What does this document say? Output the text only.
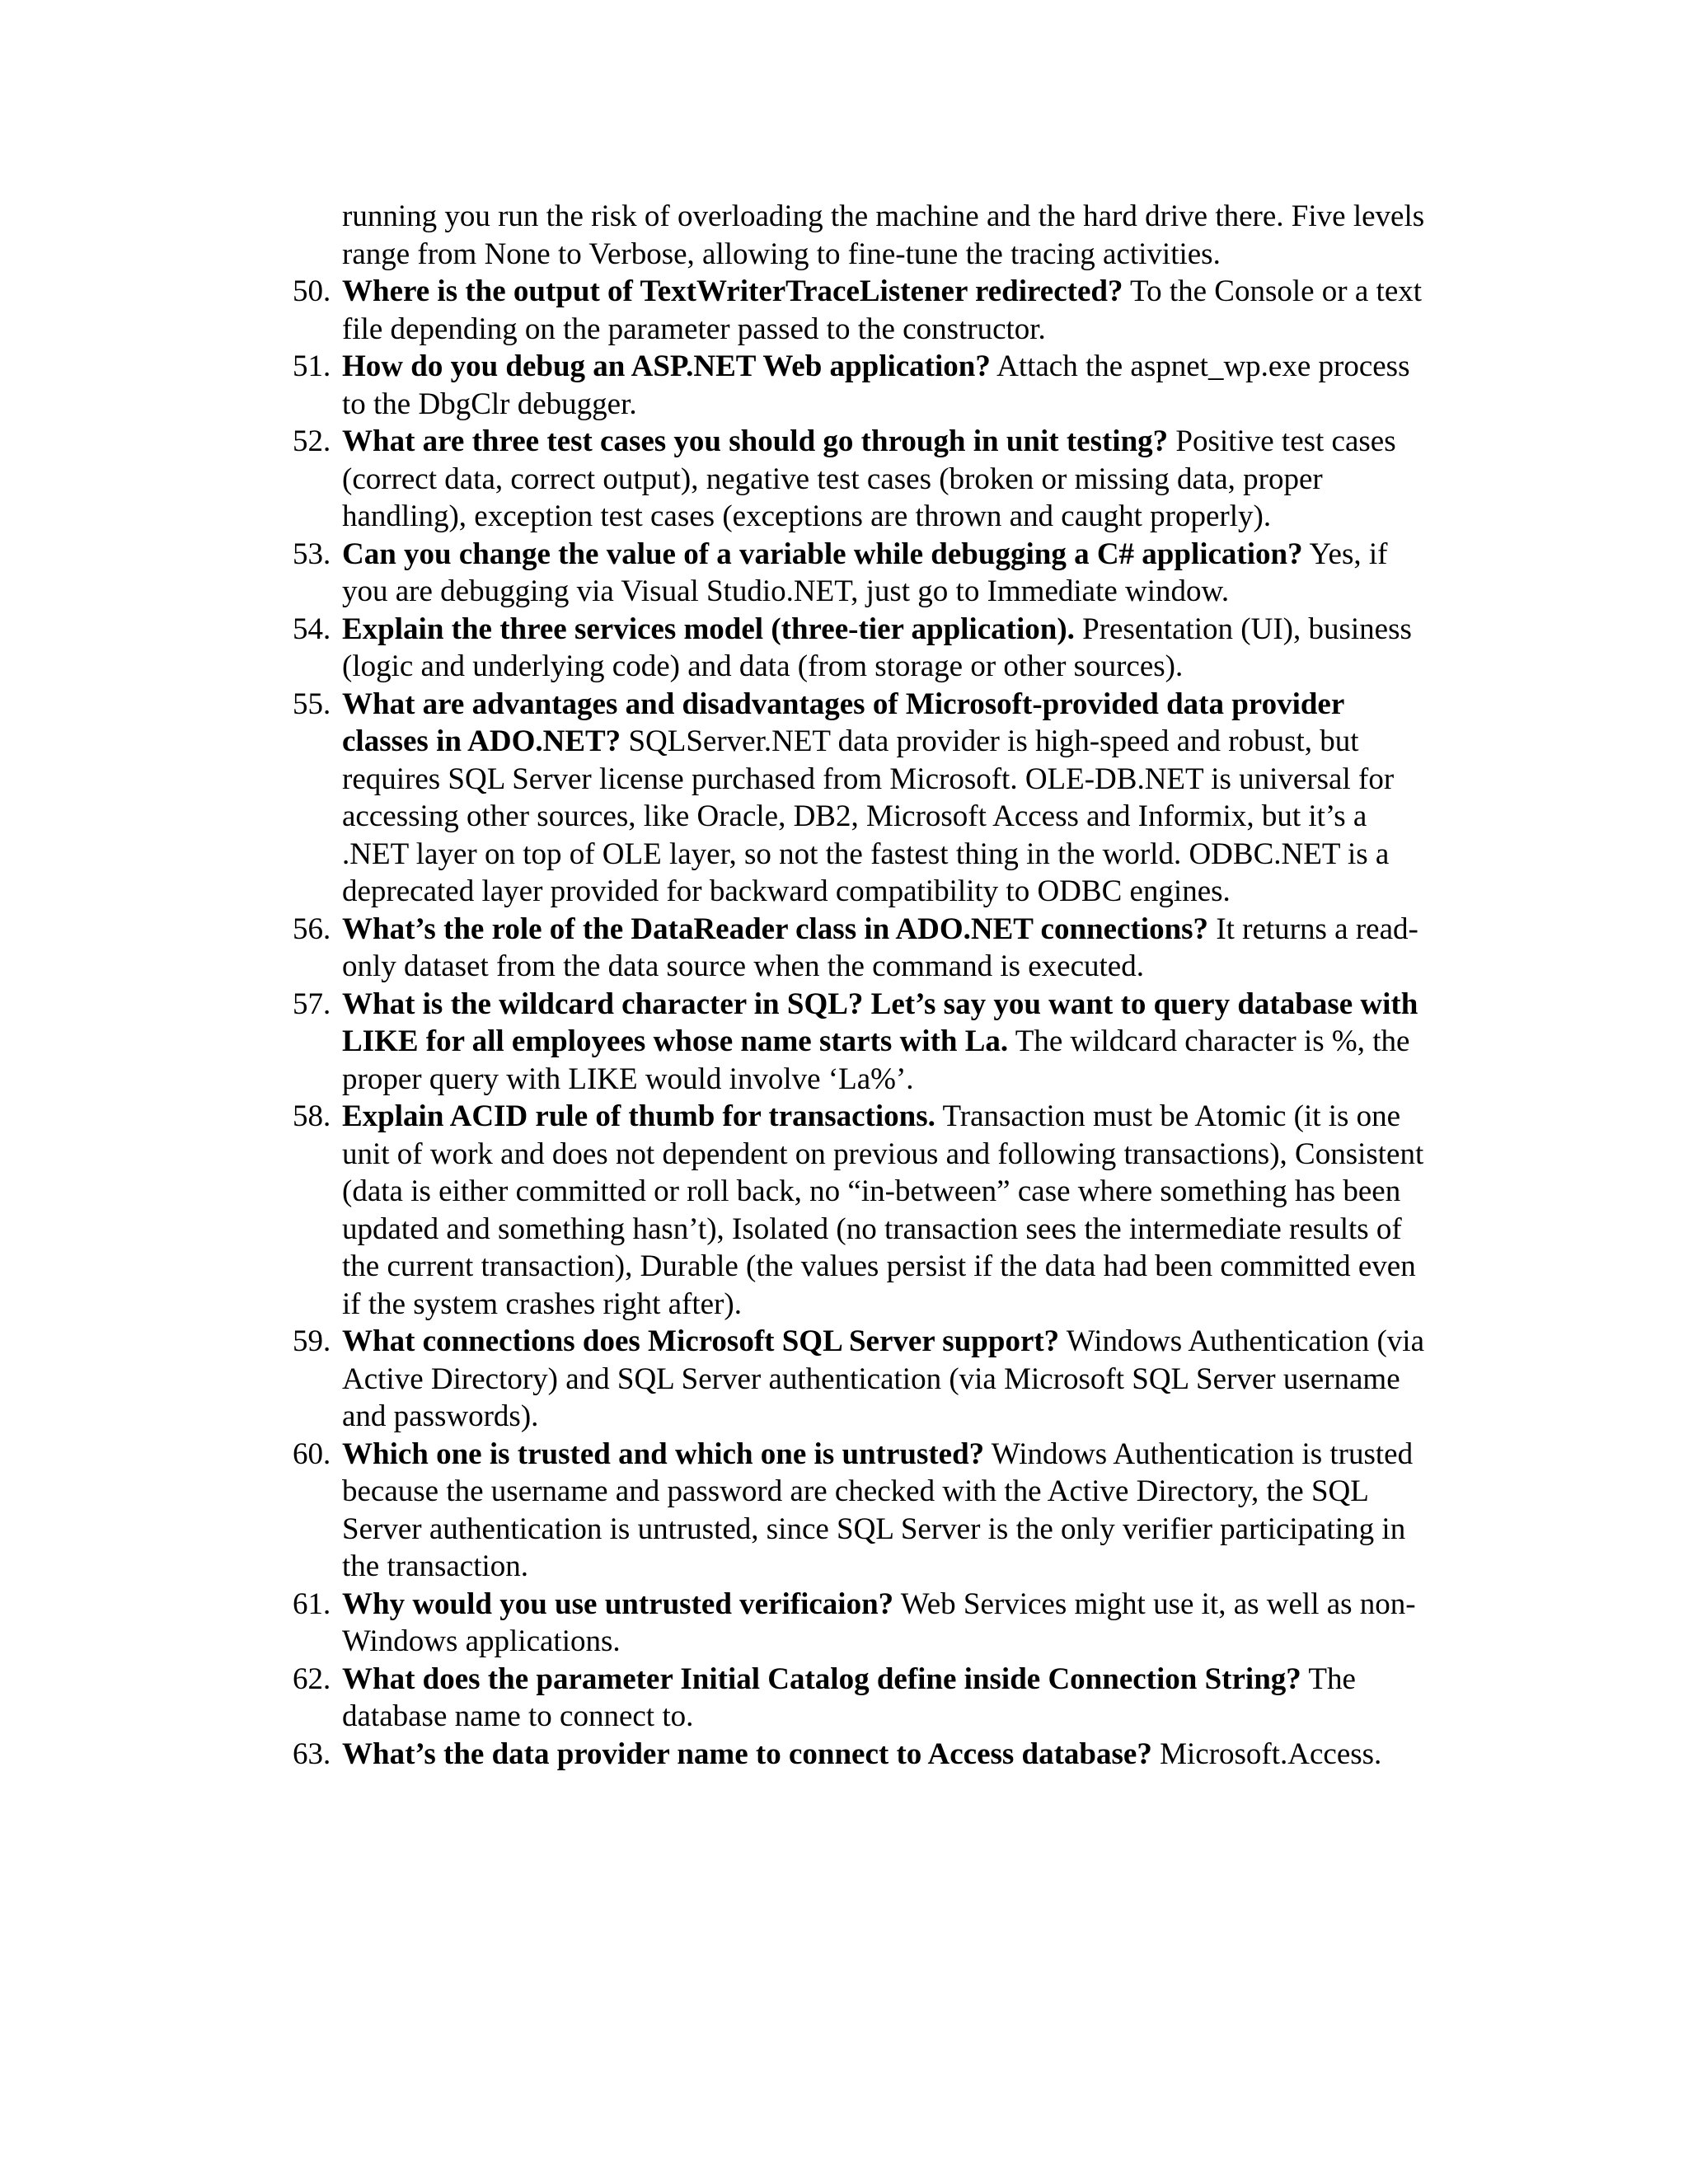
running you run the risk of overloading the machine and the hard drive there. Five levels range from None to Verbose, allowing to fine-tune the tracing activities.

50. Where is the output of TextWriterTraceListener redirected? To the Console or a text file depending on the parameter passed to the constructor.
51. How do you debug an ASP.NET Web application? Attach the aspnet_wp.exe process to the DbgClr debugger.
52. What are three test cases you should go through in unit testing? Positive test cases (correct data, correct output), negative test cases (broken or missing data, proper handling), exception test cases (exceptions are thrown and caught properly).
53. Can you change the value of a variable while debugging a C# application? Yes, if you are debugging via Visual Studio.NET, just go to Immediate window.
54. Explain the three services model (three-tier application). Presentation (UI), business (logic and underlying code) and data (from storage or other sources).
55. What are advantages and disadvantages of Microsoft-provided data provider classes in ADO.NET? SQLServer.NET data provider is high-speed and robust, but requires SQL Server license purchased from Microsoft. OLE-DB.NET is universal for accessing other sources, like Oracle, DB2, Microsoft Access and Informix, but it’s a .NET layer on top of OLE layer, so not the fastest thing in the world. ODBC.NET is a deprecated layer provided for backward compatibility to ODBC engines.
56. What’s the role of the DataReader class in ADO.NET connections? It returns a read-only dataset from the data source when the command is executed.
57. What is the wildcard character in SQL? Let’s say you want to query database with LIKE for all employees whose name starts with La. The wildcard character is %, the proper query with LIKE would involve ‘La%’.
58. Explain ACID rule of thumb for transactions. Transaction must be Atomic (it is one unit of work and does not dependent on previous and following transactions), Consistent (data is either committed or roll back, no “in-between” case where something has been updated and something hasn’t), Isolated (no transaction sees the intermediate results of the current transaction), Durable (the values persist if the data had been committed even if the system crashes right after).
59. What connections does Microsoft SQL Server support? Windows Authentication (via Active Directory) and SQL Server authentication (via Microsoft SQL Server username and passwords).
60. Which one is trusted and which one is untrusted? Windows Authentication is trusted because the username and password are checked with the Active Directory, the SQL Server authentication is untrusted, since SQL Server is the only verifier participating in the transaction.
61. Why would you use untrusted verificaion? Web Services might use it, as well as non-Windows applications.
62. What does the parameter Initial Catalog define inside Connection String? The database name to connect to.
63. What’s the data provider name to connect to Access database? Microsoft.Access.
